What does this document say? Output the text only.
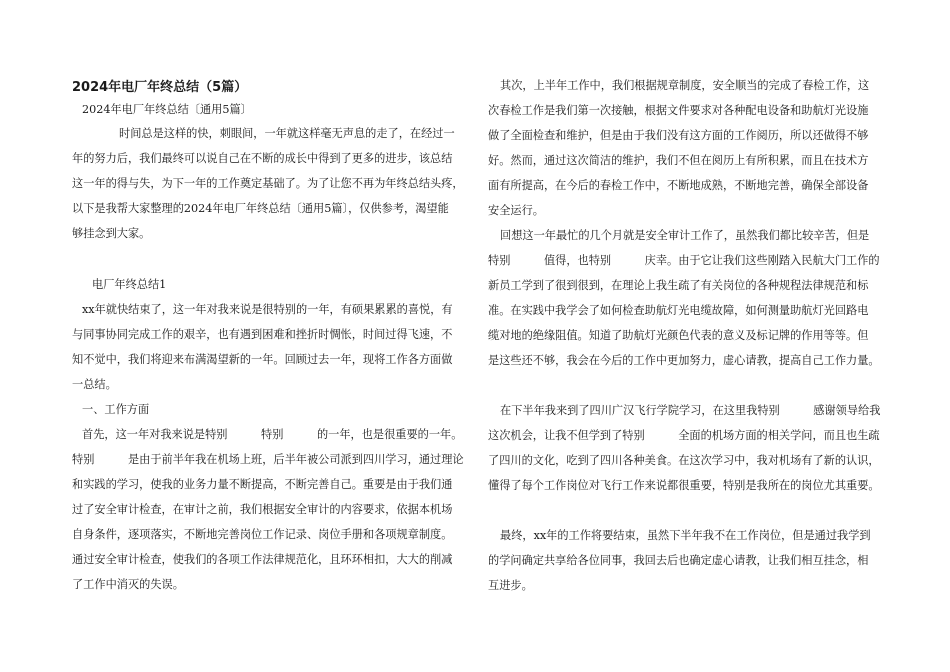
2024年电厂年终总结（5篇）
2024年电厂年终总结〔通用5篇〕
时间总是这样的快，刺眼间，一年就这样毫无声息的走了，在经过一
年的努力后，我们最终可以说自己在不断的成长中得到了更多的进步，该总结
这一年的得与失，为下一年的工作奠定基础了。为了让您不再为年终总结头疼，
以下是我帮大家整理的2024年电厂年终总结〔通用5篇〕，仅供参考，渴望能
够挂念到大家。
电厂年终总结1
xx年就快结束了，这一年对我来说是很特别的一年，有硕果累累的喜悦，有
与同事协同完成工作的艰辛，也有遇到困难和挫折时惆怅，时间过得飞速，不
知不觉中，我们将迎来布满渴望新的一年。回顾过去一年，现将工作各方面做
一总结。
一、工作方面
首先，这一年对我来说是特别　　　特别　　　的一年，也是很重要的一年。
特别　　　是由于前半年我在机场上班，后半年被公司派到四川学习，通过理论
和实践的学习，使我的业务力量不断提高，不断完善自己。重要是由于我们通
过了安全审计检查，在审计之前，我们根据安全审计的内容要求，依据本机场
自身条件，逐项落实，不断地完善岗位工作记录、岗位手册和各项规章制度。
通过安全审计检查，使我们的各项工作法律规范化，且环环相扣，大大的削减
了工作中消灭的失误。
其次，上半年工作中，我们根据规章制度，安全顺当的完成了春检工作，这
次春检工作是我们第一次接触，根据文件要求对各种配电设备和助航灯光设施
做了全面检查和维护，但是由于我们没有这方面的工作阅历，所以还做得不够
好。然而，通过这次简洁的维护，我们不但在阅历上有所积累，而且在技术方
面有所提高，在今后的春检工作中，不断地成熟，不断地完善，确保全部设备
安全运行。
回想这一年最忙的几个月就是安全审计工作了，虽然我们都比较辛苦，但是
特别　　　值得，也特别　　　庆幸。由于它让我们这些刚踏入民航大门工作的
新员工学到了很到很到，在理论上我生疏了有关岗位的各种规程法律规范和标
准。在实践中我学会了如何检查助航灯光电缆故障，如何测量助航灯光回路电
缆对地的绝缘阻值。知道了助航灯光颜色代表的意义及标记牌的作用等等。但
是这些还不够，我会在今后的工作中更加努力，虚心请教，提高自己工作力量。
在下半年我来到了四川广汉飞行学院学习，在这里我特别　　　感谢领导给我
这次机会，让我不但学到了特别　　　全面的机场方面的相关学问，而且也生疏
了四川的文化，吃到了四川各种美食。在这次学习中，我对机场有了新的认识，
懂得了每个工作岗位对飞行工作来说都很重要，特别是我所在的岗位尤其重要。
最终，xx年的工作将要结束，虽然下半年我不在工作岗位，但是通过我学到
的学问确定共享给各位同事，我回去后也确定虚心请教，让我们相互挂念，相
互进步。
